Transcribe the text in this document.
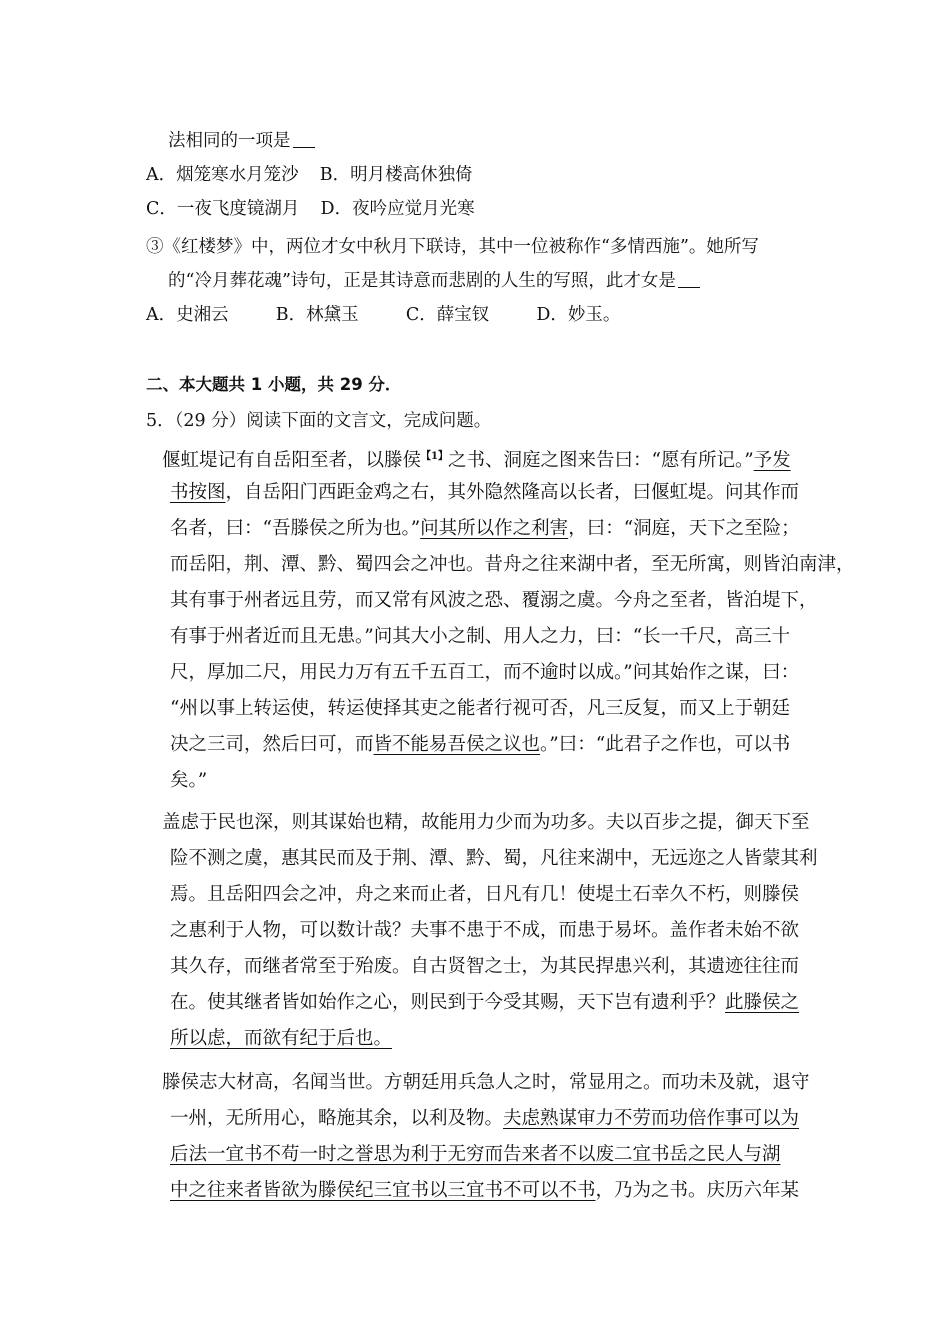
法相同的一项是
A．烟笼寒水月笼沙 B．明月楼高休独倚
C．一夜飞度镜湖月 D．夜吟应觉月光寒
③《红楼梦》中，两位才女中秋月下联诗，其中一位被称作“多情西施”。她所写
的“冷月葬花魂”诗句，正是其诗意而悲剧的人生的写照，此才女是
A．史湘云	B．林黛玉	C．薛宝钗	D．妙玉。
二、本大题共 1 小题，共 29 分．
5．（29 分）阅读下面的文言文，完成问题。
偃虹堤记有自岳阳至者，以滕侯$^{【1】}$之书、洞庭之图来告曰：“愿有所记。”予发
书按图，自岳阳门西距金鸡之右，其外隐然隆高以长者，曰偃虹堤。问其作而
名者，曰：“吾滕侯之所为也。”问其所以作之利害，曰：“洞庭，天下之至险；
而岳阳，荆、潭、黔、蜀四会之冲也。昔舟之往来湖中者，至无所寓，则皆泊南津，
其有事于州者远且劳，而又常有风波之恐、覆溺之虞。今舟之至者，皆泊堤下，
有事于州者近而且无患。”问其大小之制、用人之力，曰：“长一千尺，高三十
尺，厚加二尺，用民力万有五千五百工，而不逾时以成。”问其始作之谋，曰：
“州以事上转运使，转运使择其吏之能者行视可否，凡三反复，而又上于朝廷
决之三司，然后曰可，而皆不能易吾侯之议也。”曰：“此君子之作也，可以书
矣。”
盖虑于民也深，则其谋始也精，故能用力少而为功多。夫以百步之提，御天下至
险不测之虞，惠其民而及于荆、潭、黔、蜀，凡往来湖中，无远迩之人皆蒙其利
焉。且岳阳四会之冲，舟之来而止者，日凡有几！使堤土石幸久不朽，则滕侯
之惠利于人物，可以数计哉？夫事不患于不成，而患于易坏。盖作者未始不欲
其久存，而继者常至于殆废。自古贤智之士，为其民捍患兴利，其遗迹往往而
在。使其继者皆如始作之心，则民到于今受其赐，天下岂有遗利乎？此滕侯之
所以虑，而欲有纪于后也。
滕侯志大材高，名闻当世。方朝廷用兵急人之时，常显用之。而功未及就，退守
一州，无所用心，略施其余，以利及物。夫虑熟谋审力不劳而功倍作事可以为
后法一宜书不苟一时之誉思为利于无穷而告来者不以废二宜书岳之民人与湖
中之往来者皆欲为滕侯纪三宜书以三宜书不可以不书，乃为之书。庆历六年某
